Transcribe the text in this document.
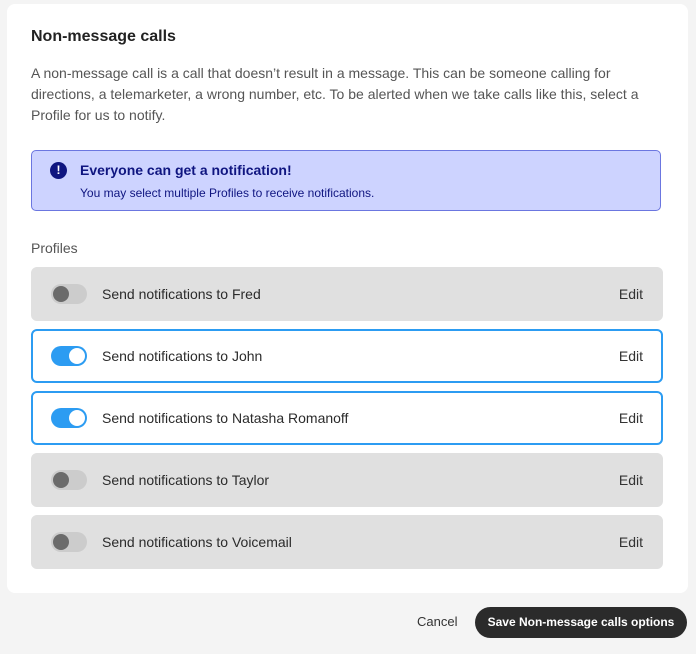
Non-message calls
A non-message call is a call that doesn’t result in a message. This can be someone calling for directions, a telemarketer, a wrong number, etc. To be alerted when we take calls like this, select a Profile for us to notify.
!	Everyone can get a notification!
You may select multiple Profiles to receive notifications.
Profiles
Send notifications to Fred	Edit
Send notifications to John	Edit
Send notifications to Natasha Romanoff	Edit
Send notifications to Taylor	Edit
Send notifications to Voicemail	Edit
Cancel	Save Non-message calls options
